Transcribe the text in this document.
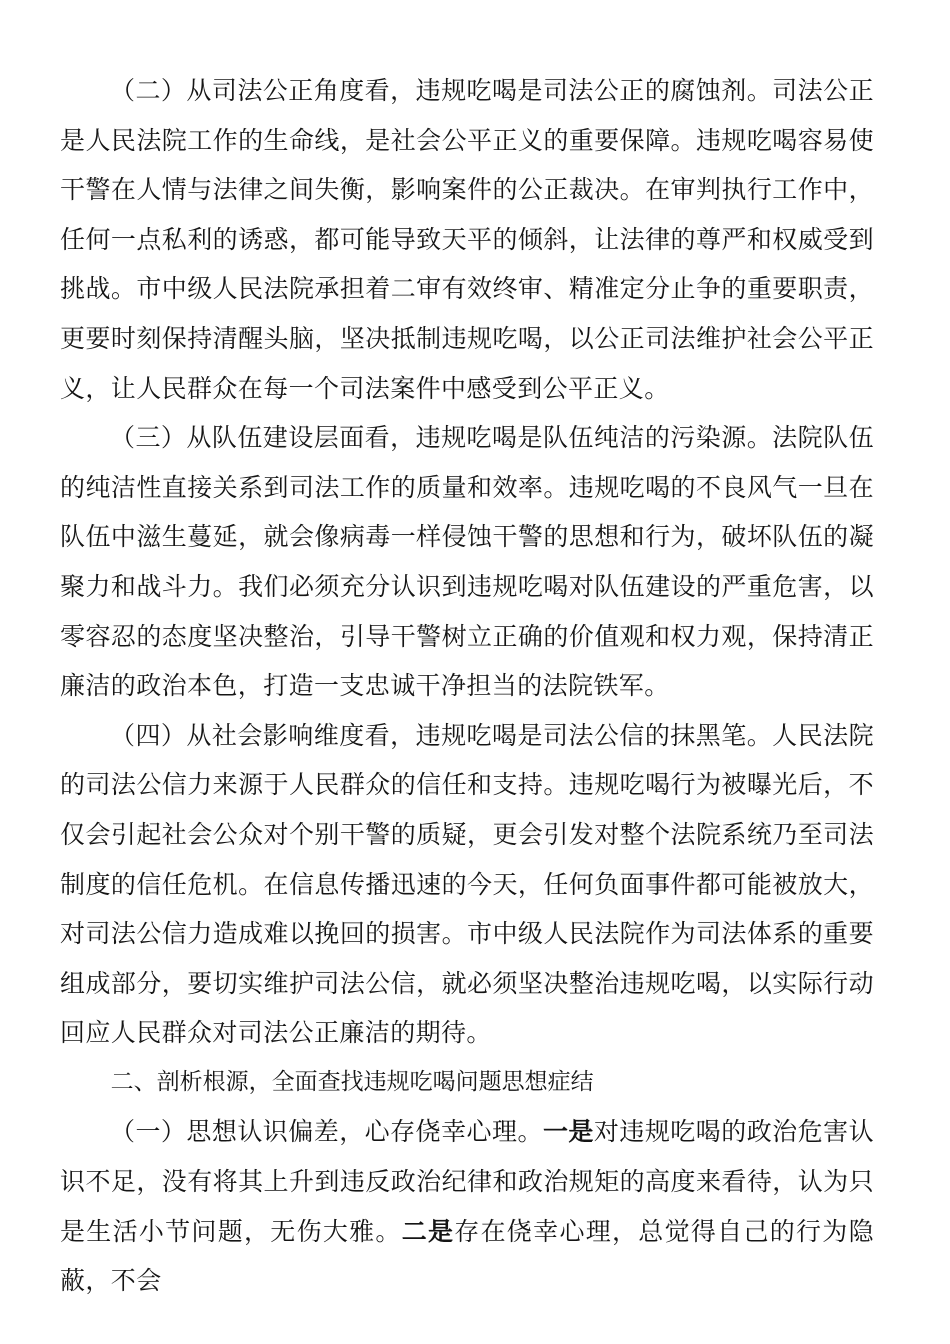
（二）从司法公正角度看，违规吃喝是司法公正的腐蚀剂。司法公正是人民法院工作的生命线，是社会公平正义的重要保障。违规吃喝容易使干警在人情与法律之间失衡，影响案件的公正裁决。在审判执行工作中，任何一点私利的诱惑，都可能导致天平的倾斜，让法律的尊严和权威受到挑战。市中级人民法院承担着二审有效终审、精准定分止争的重要职责，更要时刻保持清醒头脑，坚决抵制违规吃喝，以公正司法维护社会公平正义，让人民群众在每一个司法案件中感受到公平正义。

（三）从队伍建设层面看，违规吃喝是队伍纯洁的污染源。法院队伍的纯洁性直接关系到司法工作的质量和效率。违规吃喝的不良风气一旦在队伍中滋生蔓延，就会像病毒一样侵蚀干警的思想和行为，破坏队伍的凝聚力和战斗力。我们必须充分认识到违规吃喝对队伍建设的严重危害，以零容忍的态度坚决整治，引导干警树立正确的价值观和权力观，保持清正廉洁的政治本色，打造一支忠诚干净担当的法院铁军。

（四）从社会影响维度看，违规吃喝是司法公信的抹黑笔。人民法院的司法公信力来源于人民群众的信任和支持。违规吃喝行为被曝光后，不仅会引起社会公众对个别干警的质疑，更会引发对整个法院系统乃至司法制度的信任危机。在信息传播迅速的今天，任何负面事件都可能被放大，对司法公信力造成难以挽回的损害。市中级人民法院作为司法体系的重要组成部分，要切实维护司法公信，就必须坚决整治违规吃喝，以实际行动回应人民群众对司法公正廉洁的期待。

二、剖析根源，全面查找违规吃喝问题思想症结

（一）思想认识偏差，心存侥幸心理。一是对违规吃喝的政治危害认识不足，没有将其上升到违反政治纪律和政治规矩的高度来看待，认为只是生活小节问题，无伤大雅。二是存在侥幸心理，总觉得自己的行为隐蔽，不会
